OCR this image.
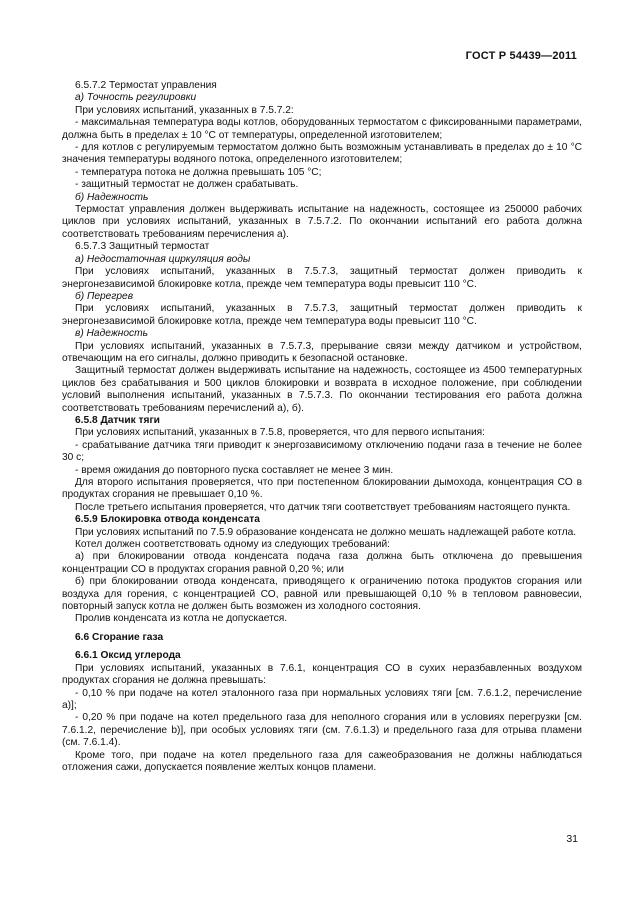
ГОСТ Р 54439—2011

6.5.7.2 Термостат управления

а) Точность регулировки

При условиях испытаний, указанных в 7.5.7.2:

- максимальная температура воды котлов, оборудованных термостатом с фиксированными параметрами, должна быть в пределах ± 10 °С от температуры, определенной изготовителем;

- для котлов с регулируемым термостатом должно быть возможным устанавливать в пределах до ± 10 °С значения температуры водяного потока, определенного изготовителем;

- температура потока не должна превышать 105 °С;

- защитный термостат не должен срабатывать.

б) Надежность

Термостат управления должен выдерживать испытание на надежность, состоящее из 250000 рабочих циклов при условиях испытаний, указанных в 7.5.7.2. По окончании испытаний его работа должна соответствовать требованиям перечисления а).

6.5.7.3 Защитный термостат

а) Недостаточная циркуляция воды

При условиях испытаний, указанных в 7.5.7.3, защитный термостат должен приводить к энергонезависимой блокировке котла, прежде чем температура воды превысит 110 °С.

б) Перегрев

При условиях испытаний, указанных в 7.5.7.3, защитный термостат должен приводить к энергонезависимой блокировке котла, прежде чем температура воды превысит 110 °С.

в) Надежность

При условиях испытаний, указанных в 7.5.7.3, прерывание связи между датчиком и устройством, отвечающим на его сигналы, должно приводить к безопасной остановке.

Защитный термостат должен выдерживать испытание на надежность, состоящее из 4500 температурных циклов без срабатывания и 500 циклов блокировки и возврата в исходное положение, при соблюдении условий выполнения испытаний, указанных в 7.5.7.3. По окончании тестирования его работа должна соответствовать требованиям перечислений а), б).

6.5.8 Датчик тяги

При условиях испытаний, указанных в 7.5.8, проверяется, что для первого испытания:

- срабатывание датчика тяги приводит к энергозависимому отключению подачи газа в течение не более 30 с;

- время ожидания до повторного пуска составляет не менее 3 мин.

Для второго испытания проверяется, что при постепенном блокировании дымохода, концентрация СО в продуктах сгорания не превышает 0,10 %.

После третьего испытания проверяется, что датчик тяги соответствует требованиям настоящего пункта.

6.5.9 Блокировка отвода конденсата

При условиях испытаний по 7.5.9 образование конденсата не должно мешать надлежащей работе котла.

Котел должен соответствовать одному из следующих требований:

а) при блокировании отвода конденсата подача газа должна быть отключена до превышения концентрации СО в продуктах сгорания равной 0,20 %; или

б) при блокировании отвода конденсата, приводящего к ограничению потока продуктов сгорания или воздуха для горения, с концентрацией СО, равной или превышающей 0,10 % в тепловом равновесии, повторный запуск котла не должен быть возможен из холодного состояния.

Пролив конденсата из котла не допускается.

6.6 Сгорание газа

6.6.1 Оксид углерода

При условиях испытаний, указанных в 7.6.1, концентрация СО в сухих неразбавленных воздухом продуктах сгорания не должна превышать:

- 0,10 % при подаче на котел эталонного газа при нормальных условиях тяги [см. 7.6.1.2, перечисление а)];

- 0,20 % при подаче на котел предельного газа для неполного сгорания или в условиях перегрузки [см. 7.6.1.2, перечисление b)], при особых условиях тяги (см. 7.6.1.3) и предельного газа для отрыва пламени (см. 7.6.1.4).

Кроме того, при подаче на котел предельного газа для сажеобразования не должны наблюдаться отложения сажи, допускается появление желтых концов пламени.

31
